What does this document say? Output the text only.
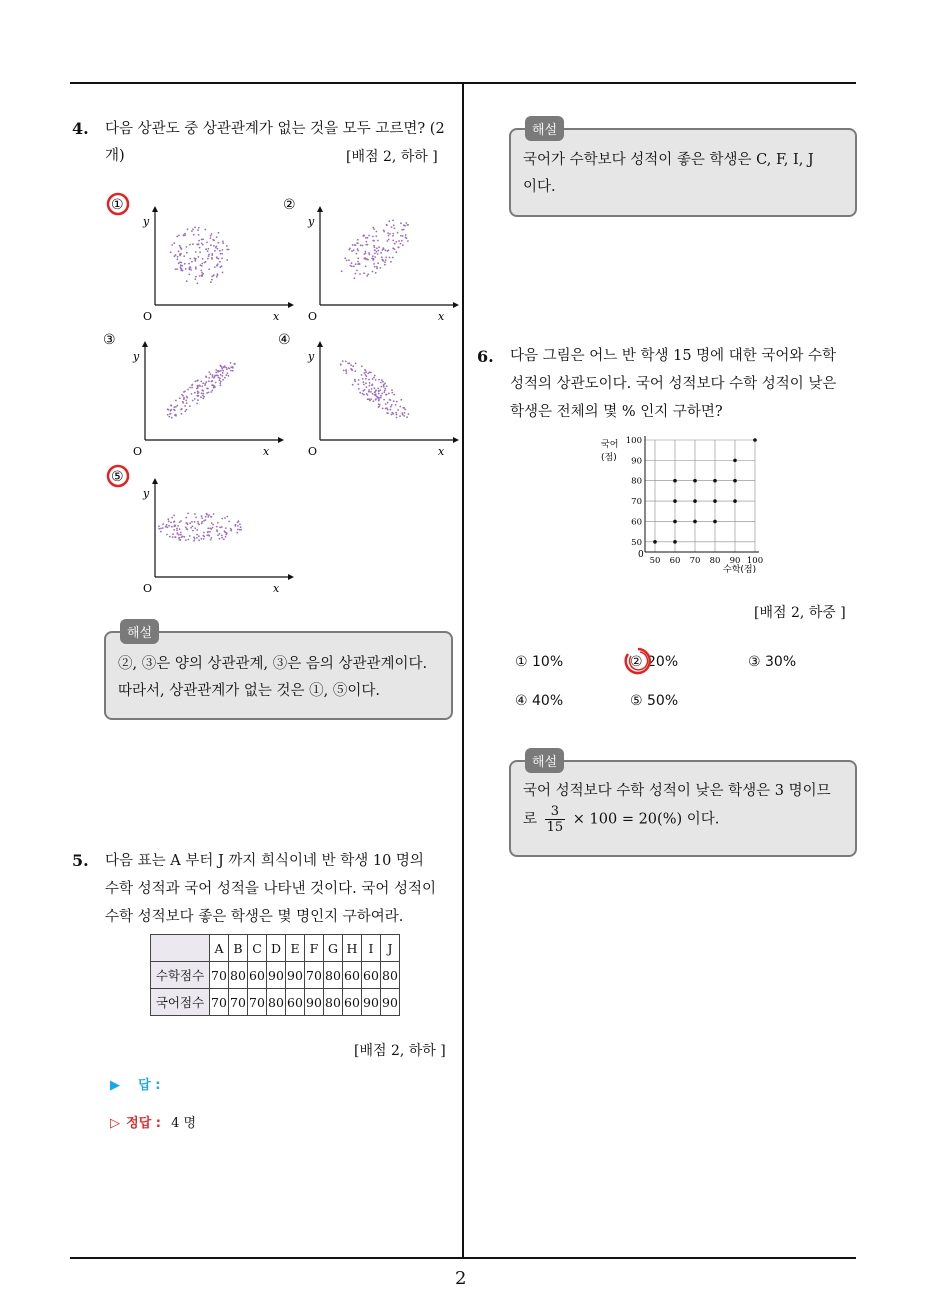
4. 다음 상관도 중 상관관계가 없는 것을 모두 고르면? (2
개)	[배점 2, 하하 ]
①
y
x
O
②
y
x
O
③
y
x
O
④
y
x
O
⑤
y
x
O
해설
②, ③은 양의 상관관계, ③은 음의 상관관계이다.
따라서, 상관관계가 없는 것은 ①, ⑤이다.
5. 다음 표는 A 부터 J 까지 희식이네 반 학생 10 명의
수학 성적과 국어 성적을 나타낸 것이다. 국어 성적이
수학 성적보다 좋은 학생은 몇 명인지 구하여라.
	A	B	C	D	E	F	G	H	I	J
수학점수	70	80	60	90	90	70	80	60	60	80
국어점수	70	70	70	80	60	90	80	60	90	90
[배점 2, 하하 ]
▶ 답 :
▷ 정답 : 4 명
해설
국어가 수학보다 성적이 좋은 학생은 C, F, I, J
이다.
6. 다음 그림은 어느 반 학생 15 명에 대한 국어와 수학
성적의 상관도이다. 국어 성적보다 수학 성적이 낮은
학생은 전체의 몇 % 인지 구하면?
50 60 70 80 90 100
50
60
70
80
90
100
국어
(점)
0
수학(점)
[배점 2, 하중 ]
① 10%	② 20%	③ 30%
④ 40%	⑤ 50%
해설
국어 성적보다 수학 성적이 낮은 학생은 3 명이므
로 $\frac{3}{15} \times 100 = 20(\%)$ 이다.
2
